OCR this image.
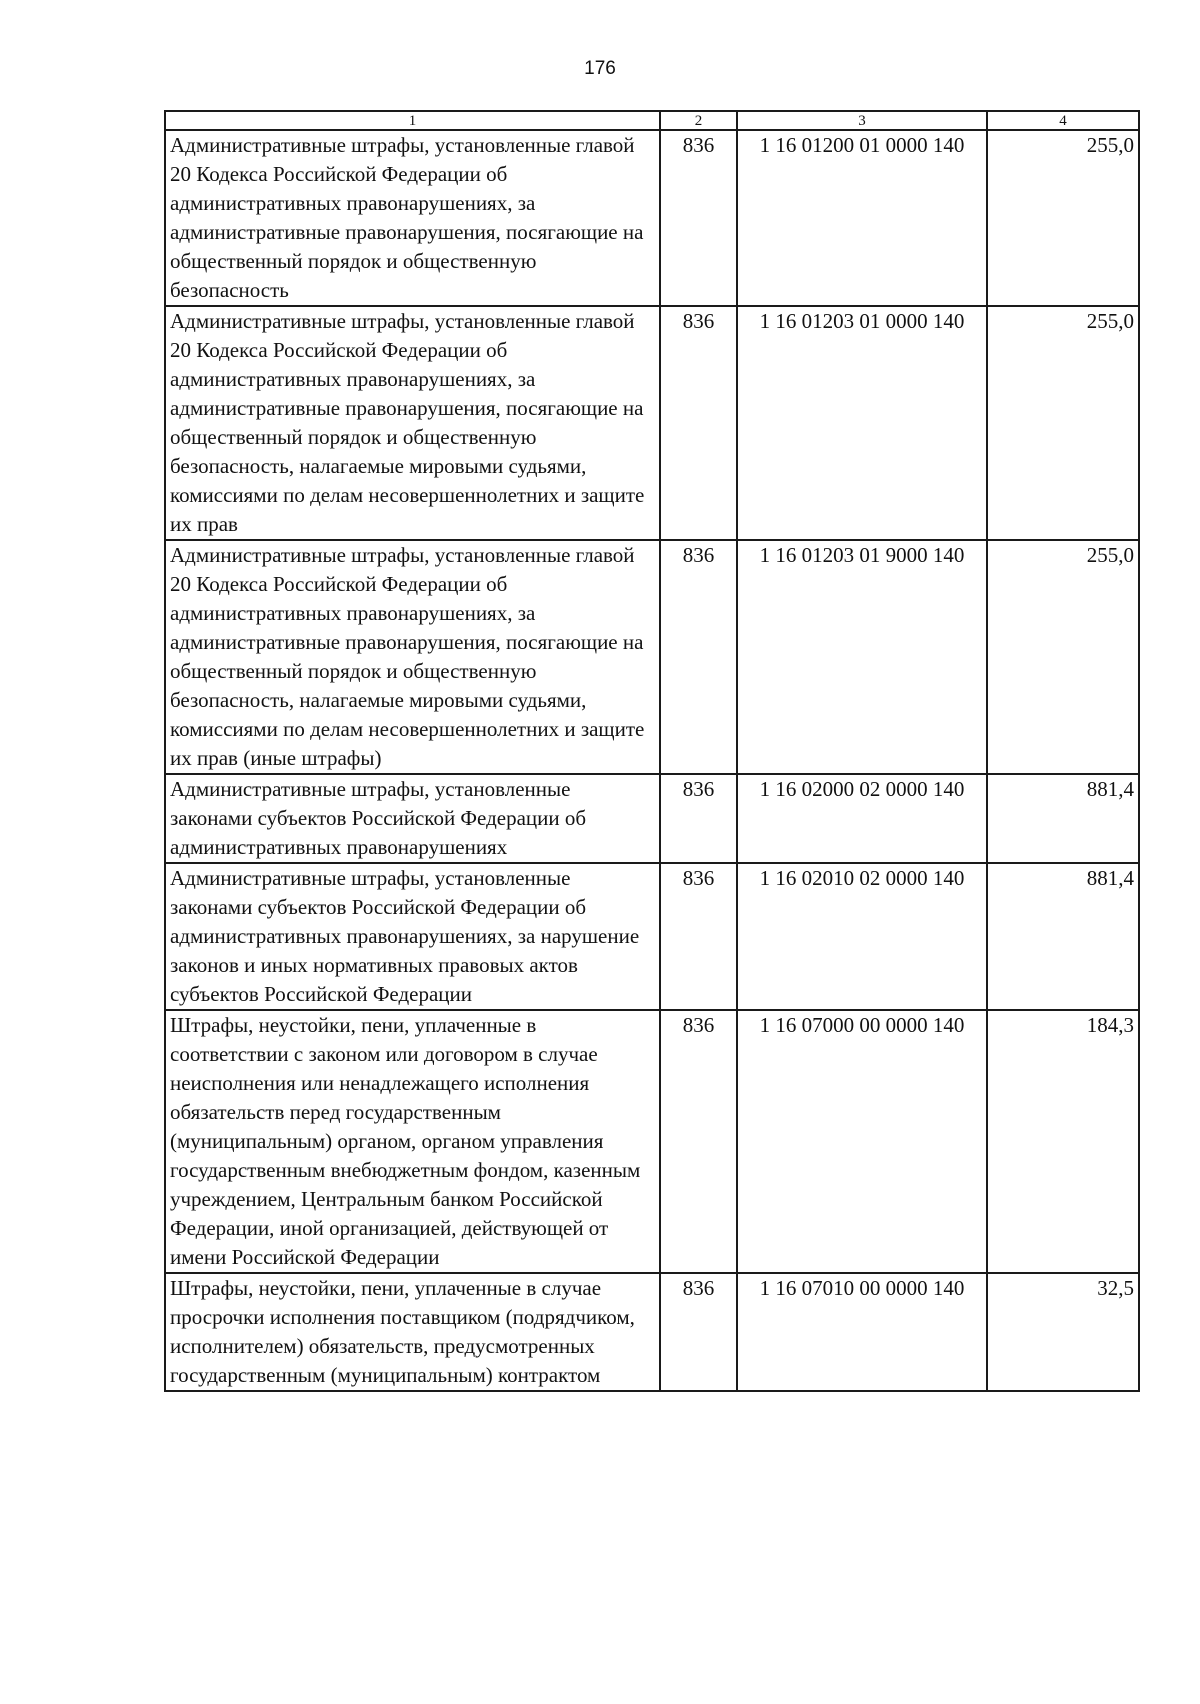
176
1	2	3	4
Административные штрафы, установленные главой 20 Кодекса Российской Федерации об административных правонарушениях, за административные правонарушения, посягающие на общественный порядок и общественную безопасность	836	1 16 01200 01 0000 140	255,0
Административные штрафы, установленные главой 20 Кодекса Российской Федерации об административных правонарушениях, за административные правонарушения, посягающие на общественный порядок и общественную безопасность, налагаемые мировыми судьями, комиссиями по делам несовершеннолетних и защите их прав	836	1 16 01203 01 0000 140	255,0
Административные штрафы, установленные главой 20 Кодекса Российской Федерации об административных правонарушениях, за административные правонарушения, посягающие на общественный порядок и общественную безопасность, налагаемые мировыми судьями, комиссиями по делам несовершеннолетних и защите их прав (иные штрафы)	836	1 16 01203 01 9000 140	255,0
Административные штрафы, установленные законами субъектов Российской Федерации об административных правонарушениях	836	1 16 02000 02 0000 140	881,4
Административные штрафы, установленные законами субъектов Российской Федерации об административных правонарушениях, за нарушение законов и иных нормативных правовых актов субъектов Российской Федерации	836	1 16 02010 02 0000 140	881,4
Штрафы, неустойки, пени, уплаченные в соответствии с законом или договором в случае неисполнения или ненадлежащего исполнения обязательств перед государственным (муниципальным) органом, органом управления государственным внебюджетным фондом, казенным учреждением, Центральным банком Российской Федерации, иной организацией, действующей от имени Российской Федерации	836	1 16 07000 00 0000 140	184,3
Штрафы, неустойки, пени, уплаченные в случае просрочки исполнения поставщиком (подрядчиком, исполнителем) обязательств, предусмотренных государственным (муниципальным) контрактом	836	1 16 07010 00 0000 140	32,5
